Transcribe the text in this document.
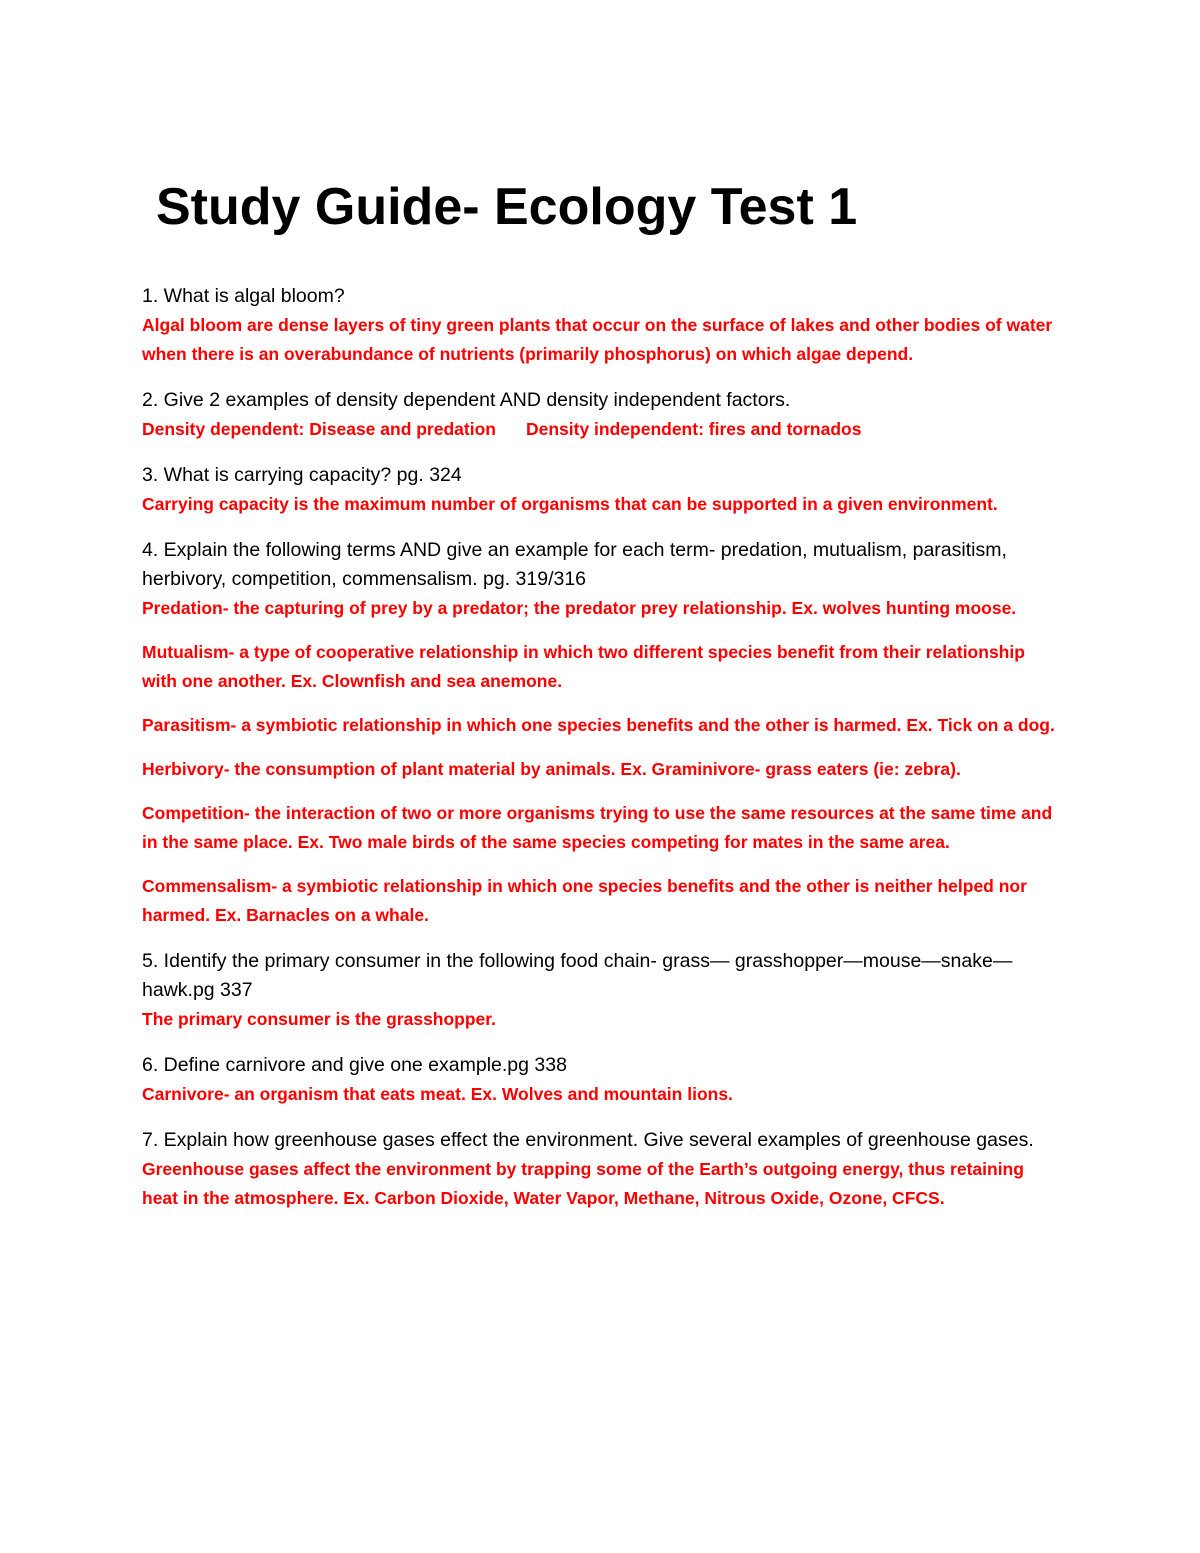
Study Guide- Ecology Test 1

1. What is algal bloom?

Algal bloom are dense layers of tiny green plants that occur on the surface of lakes and other bodies of water when there is an overabundance of nutrients (primarily phosphorus) on which algae depend.

2. Give 2 examples of density dependent AND density independent factors.

Density dependent: Disease and predation Density independent: fires and tornados

3. What is carrying capacity? pg. 324

Carrying capacity is the maximum number of organisms that can be supported in a given environment.

4. Explain the following terms AND give an example for each term- predation, mutualism, parasitism, herbivory, competition, commensalism. pg. 319/316

Predation- the capturing of prey by a predator; the predator prey relationship. Ex. wolves hunting moose.

Mutualism- a type of cooperative relationship in which two different species benefit from their relationship with one another. Ex. Clownfish and sea anemone.

Parasitism- a symbiotic relationship in which one species benefits and the other is harmed. Ex. Tick on a dog.

Herbivory- the consumption of plant material by animals. Ex. Graminivore- grass eaters (ie: zebra).

Competition- the interaction of two or more organisms trying to use the same resources at the same time and in the same place. Ex. Two male birds of the same species competing for mates in the same area.

Commensalism- a symbiotic relationship in which one species benefits and the other is neither helped nor harmed. Ex. Barnacles on a whale.

5. Identify the primary consumer in the following food chain- grass— grasshopper—mouse—snake—hawk.pg 337

The primary consumer is the grasshopper.

6. Define carnivore and give one example.pg 338

Carnivore- an organism that eats meat. Ex. Wolves and mountain lions.

7. Explain how greenhouse gases effect the environment. Give several examples of greenhouse gases.

Greenhouse gases affect the environment by trapping some of the Earth’s outgoing energy, thus retaining heat in the atmosphere. Ex. Carbon Dioxide, Water Vapor, Methane, Nitrous Oxide, Ozone, CFCS.
